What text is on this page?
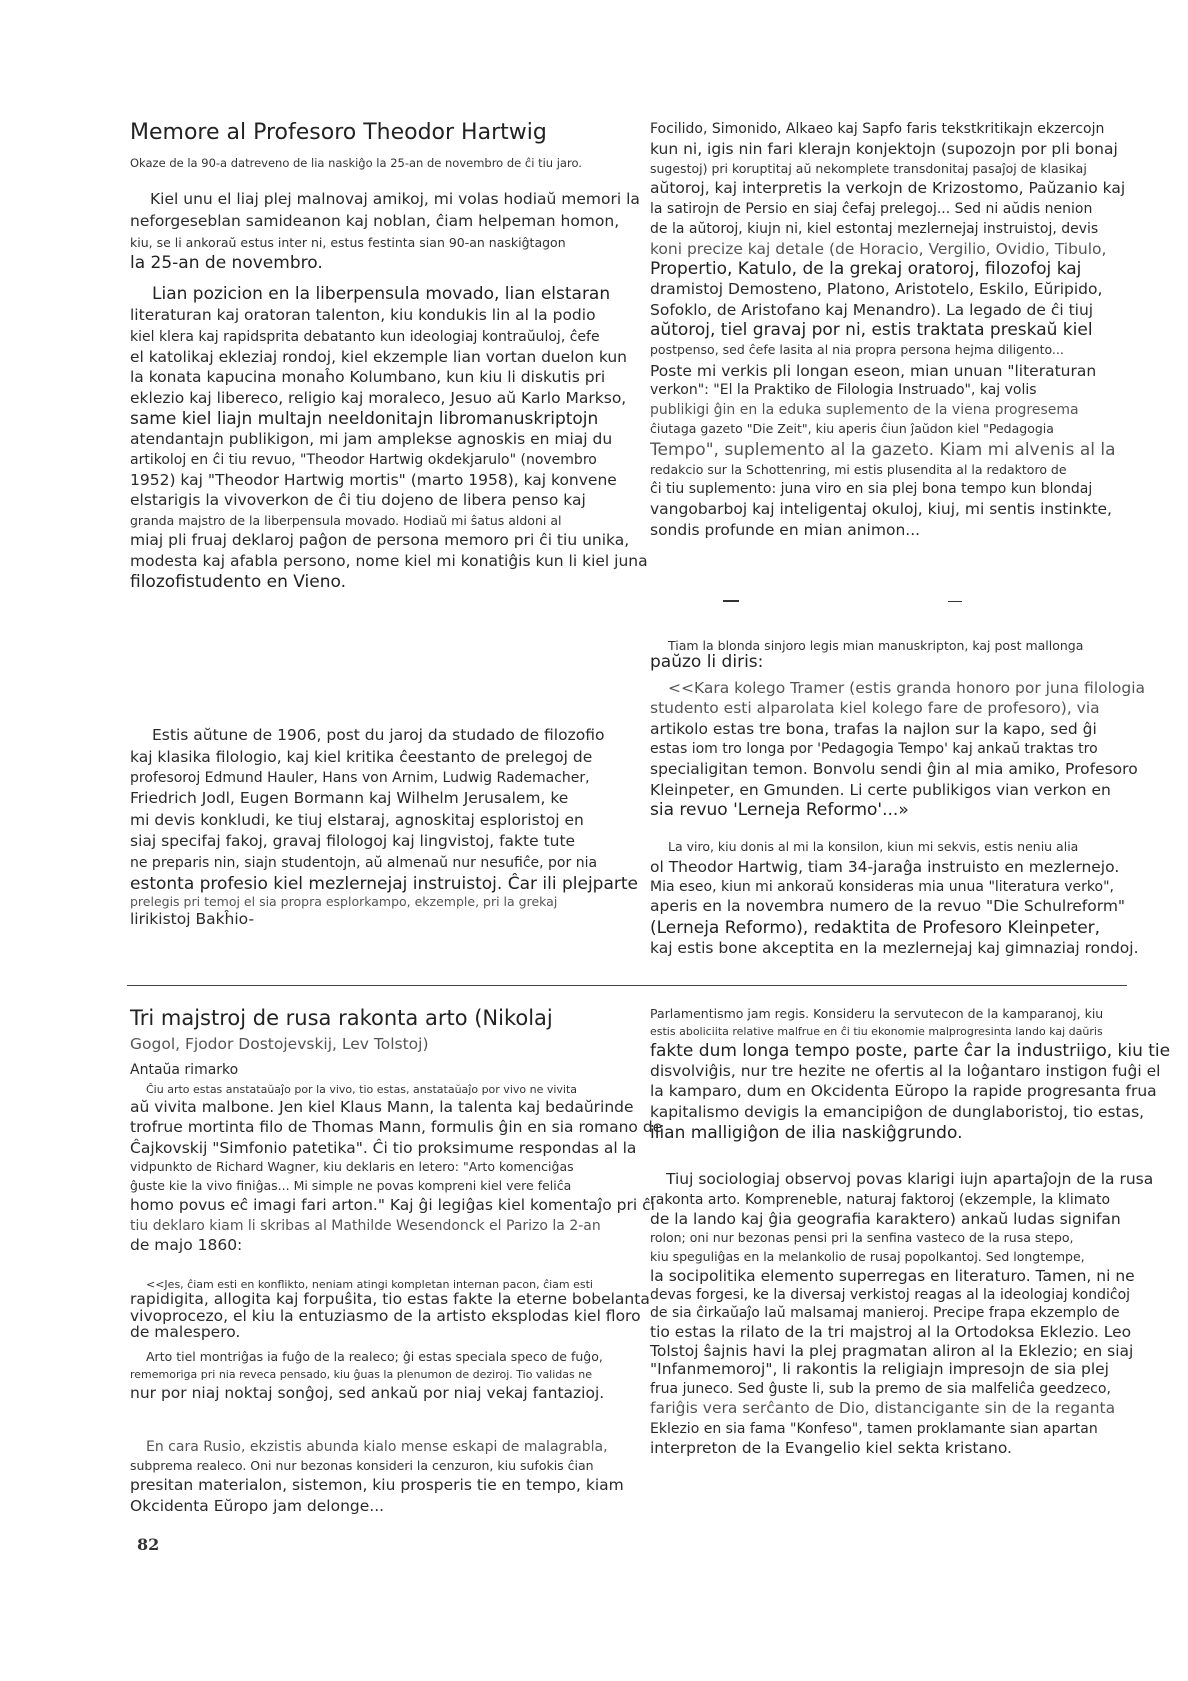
Memore al Profesoro Theodor Hartwig
Okaze de la 90-a datreveno de lia naskiĝo la 25-an de novembro de ĉi tiu jaro.

Kiel unu el liaj plej malnovaj amikoj, mi volas hodiaŭ memori la
neforgeseblan samideanon kaj noblan, ĉiam helpeman homon,
kiu, se li ankoraŭ estus inter ni, estus festinta sian 90-an naskiĝtagon
la 25-an de novembro.

Lian pozicion en la liberpensula movado, lian elstaran
literaturan kaj oratoran talenton, kiu kondukis lin al la podio
kiel klera kaj rapidsprita debatanto kun ideologiaj kontraŭuloj, ĉefe
el katolikaj ekleziaj rondoj, kiel ekzemple lian vortan duelon kun
la konata kapucina monaĥo Kolumbano, kun kiu li diskutis pri
eklezio kaj libereco, religio kaj moraleco, Jesuo aŭ Karlo Markso,
same kiel liajn multajn neeldonitajn libromanuskriptojn
atendantajn publikigon, mi jam amplekse agnoskis en miaj du
artikoloj en ĉi tiu revuo, "Theodor Hartwig okdekjarulo" (novembro
1952) kaj "Theodor Hartwig mortis" (marto 1958), kaj konvene
elstarigis la vivoverkon de ĉi tiu dojeno de libera penso kaj
granda majstro de la liberpensula movado. Hodiaŭ mi ŝatus aldoni al
miaj pli fruaj deklaroj paĝon de persona memoro pri ĉi tiu unika,
modesta kaj afabla persono, nome kiel mi konatiĝis kun li kiel juna
filozofistudento en Vieno.

Estis aŭtune de 1906, post du jaroj da studado de filozofio
kaj klasika filologio, kaj kiel kritika ĉeestanto de prelegoj de
profesoroj Edmund Hauler, Hans von Arnim, Ludwig Rademacher,
Friedrich Jodl, Eugen Bormann kaj Wilhelm Jerusalem, ke
mi devis konkludi, ke tiuj elstaraj, agnoskitaj esploristoj en
siaj specifaj fakoj, gravaj filologoj kaj lingvistoj, fakte tute
ne preparis nin, siajn studentojn, aŭ almenaŭ nur nesufiĉe, por nia
estonta profesio kiel mezlernejaj instruistoj. Ĉar ili plejparte
prelegis pri temoj el sia propra esplorkampo, ekzemple, pri la grekaj
lirikistoj Bakĥio-

Focilido, Simonido, Alkaeo kaj Sapfo faris tekstkritikajn ekzercojn
kun ni, igis nin fari klerajn konjektojn (supozojn por pli bonaj
sugestoj) pri koruptitaj aŭ nekomplete transdonitaj pasaĵoj de klasikaj
aŭtoroj, kaj interpretis la verkojn de Krizostomo, Paŭzanio kaj
la satirojn de Persio en siaj ĉefaj prelegoj... Sed ni aŭdis nenion
de la aŭtoroj, kiujn ni, kiel estontaj mezlernejaj instruistoj, devis
koni precize kaj detale (de Horacio, Vergilio, Ovidio, Tibulo,
Propertio, Katulo, de la grekaj oratoroj, filozofoj kaj
dramistoj Demosteno, Platono, Aristotelo, Eskilo, Eŭripido,
Sofoklo, de Aristofano kaj Menandro). La legado de ĉi tiuj
aŭtoroj, tiel gravaj por ni, estis traktata preskaŭ kiel
postpenso, sed ĉefe lasita al nia propra persona hejma diligento...
Poste mi verkis pli longan eseon, mian unuan "literaturan
verkon": "El la Praktiko de Filologia Instruado", kaj volis
publikigi ĝin en la eduka suplemento de la viena progresema
ĉiutaga gazeto "Die Zeit", kiu aperis ĉiun ĵaŭdon kiel "Pedagogia
Tempo", suplemento al la gazeto. Kiam mi alvenis al la
redakcio sur la Schottenring, mi estis plusendita al la redaktoro de
ĉi tiu suplemento: juna viro en sia plej bona tempo kun blondaj
vangobarboj kaj inteligentaj okuloj, kiuj, mi sentis instinkte,
sondis profunde en mian animon...

Tiam la blonda sinjoro legis mian manuskripton, kaj post mallonga
paŭzo li diris:

<<Kara kolego Tramer (estis granda honoro por juna filologia
studento esti alparolata kiel kolego fare de profesoro), via
artikolo estas tre bona, trafas la najlon sur la kapo, sed ĝi
estas iom tro longa por 'Pedagogia Tempo' kaj ankaŭ traktas tro
specialigitan temon. Bonvolu sendi ĝin al mia amiko, Profesoro
Kleinpeter, en Gmunden. Li certe publikigos vian verkon en
sia revuo 'Lerneja Reformo'...»

La viro, kiu donis al mi la konsilon, kiun mi sekvis, estis neniu alia
ol Theodor Hartwig, tiam 34-jaraĝa instruisto en mezlernejo.
Mia eseo, kiun mi ankoraŭ konsideras mia unua "literatura verko",
aperis en la novembra numero de la revuo "Die Schulreform"
(Lerneja Reformo), redaktita de Profesoro Kleinpeter,
kaj estis bone akceptita en la mezlernejaj kaj gimnaziaj rondoj.

Tri majstroj de rusa rakonta arto (Nikolaj
Gogol, Fjodor Dostojevskij, Lev Tolstoj)
Antaŭa rimarko

Ĉiu arto estas anstataŭaĵo por la vivo, tio estas, anstataŭaĵo por vivo ne vivita
aŭ vivita malbone. Jen kiel Klaus Mann, la talenta kaj bedaŭrinde
trofrue mortinta filo de Thomas Mann, formulis ĝin en sia romano de
Ĉajkovskij "Simfonio patetika". Ĉi tio proksimume respondas al la
vidpunkto de Richard Wagner, kiu deklaris en letero: "Arto komenciĝas
ĝuste kie la vivo finiĝas... Mi simple ne povas kompreni kiel vere feliĉa
homo povus eĉ imagi fari arton." Kaj ĝi legiĝas kiel komentaĵo pri ĉi
tiu deklaro kiam li skribas al Mathilde Wesendonck el Parizo la 2-an
de majo 1860:

<<Jes, ĉiam esti en konflikto, neniam atingi kompletan internan pacon, ĉiam esti
rapidigita, allogita kaj forpuŝita, tio estas fakte la eterne bobelanta
vivoprocezo, el kiu la entuziasmo de la artisto eksplodas kiel floro
de malespero.

Arto tiel montriĝas ia fuĝo de la realeco; ĝi estas speciala speco de fuĝo,
rememoriga pri nia reveca pensado, kiu ĝuas la plenumon de deziroj. Tio validas ne
nur por niaj noktaj sonĝoj, sed ankaŭ por niaj vekaj fantazioj.

En cara Rusio, ekzistis abunda kialo mense eskapi de malagrabla,
subprema realeco. Oni nur bezonas konsideri la cenzuron, kiu sufokis ĉian
presitan materialon, sistemon, kiu prosperis tie en tempo, kiam
Okcidenta Eŭropo jam delonge...

Parlamentismo jam regis. Konsideru la servutecon de la kamparanoj, kiu
estis aboliciita relative malfrue en ĉi tiu ekonomie malprogresinta lando kaj daŭris
fakte dum longa tempo poste, parte ĉar la industriigo, kiu tie
disvolviĝis, nur tre hezite ne ofertis al la loĝantaro instigon fuĝi el
la kamparo, dum en Okcidenta Eŭropo la rapide progresanta frua
kapitalismo devigis la emancipiĝon de dunglaboristoj, tio estas,
ilian malligiĝon de ilia naskiĝgrundo.

Tiuj sociologiaj observoj povas klarigi iujn apartaĵojn de la rusa
rakonta arto. Kompreneble, naturaj faktoroj (ekzemple, la klimato
de la lando kaj ĝia geografia karaktero) ankaŭ ludas signifan
rolon; oni nur bezonas pensi pri la senfina vasteco de la rusa stepo,
kiu speguliĝas en la melankolio de rusaj popolkantoj. Sed longtempe,
la socipolitika elemento superregas en literaturo. Tamen, ni ne
devas forgesi, ke la diversaj verkistoj reagas al la ideologiaj kondiĉoj
de sia ĉirkaŭaĵo laŭ malsamaj manieroj. Precipe frapa ekzemplo de
tio estas la rilato de la tri majstroj al la Ortodoksa Eklezio. Leo
Tolstoj ŝajnis havi la plej pragmatan aliron al la Eklezio; en siaj
"Infanmemoroj", li rakontis la religiajn impresojn de sia plej
frua juneco. Sed ĝuste li, sub la premo de sia malfeliĉa geedzeco,
fariĝis vera serĉanto de Dio, distancigante sin de la reganta
Eklezio en sia fama "Konfeso", tamen proklamante sian apartan
interpreton de la Evangelio kiel sekta kristano.

82
